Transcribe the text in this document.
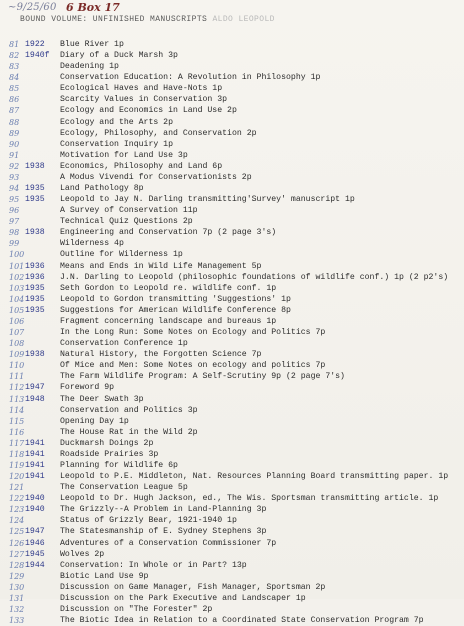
~9/25/60 6 Box 17
BOUND VOLUME: UNFINISHED MANUSCRIPTS ALDO LEOPOLD
81 1922	Blue River 1p
82 1940f	Diary of a Duck Marsh 3p
83	Deadening 1p
84	Conservation Education: A Revolution in Philosophy 1p
85	Ecological Haves and Have-Nots 1p
86	Scarcity Values in Conservation 3p
87	Ecology and Economics in Land Use 2p
88	Ecology and the Arts 2p
89	Ecology, Philosophy, and Conservation 2p
90	Conservation Inquiry 1p
91	Motivation for Land Use 3p
92 1938	Economics, Philosophy and Land 6p
93	A Modus Vivendi for Conservationists 2p
94 1935	Land Pathology 8p
95 1935	Leopold to Jay N. Darling transmitting'Survey' manuscript 1p
96	A Survey of Conservation 11p
97	Technical Quiz Questions 2p
98 1938	Engineering and Conservation 7p (2 page 3's)
99	Wilderness 4p
100	Outline for Wilderness 1p
101 1936	Means and Ends in Wild Life Management 5p
102 1936	J.N. Darling to Leopold (philosophic foundations of wildlife conf.) 1p (2 p2's)
103 1935	Seth Gordon to Leopold re. wildlife conf. 1p
104 1935	Leopold to Gordon transmitting 'Suggestions' 1p
105 1935	Suggestions for American Wildlife Conference 8p
106	Fragment concerning landscape and bureaus 1p
107	In the Long Run: Some Notes on Ecology and Politics 7p
108	Conservation Conference 1p
109 1938	Natural History, the Forgotten Science 7p
110	Of Mice and Men: Some Notes on ecology and politics 7p
111	The Farm Wildlife Program: A Self-Scrutiny 9p (2 page 7's)
112 1947	Foreword 9p
113 1948	The Deer Swath 3p
114	Conservation and Politics 3p
115	Opening Day 1p
116	The House Rat in the Wild 2p
117 1941	Duckmarsh Doings 2p
118 1941	Roadside Prairies 3p
119 1941	Planning for Wildlife 6p
120 1941	Leopold to P.E. Middleton, Nat. Resources Planning Board transmitting paper. 1p
121	The Conservation League 5p
122 1940	Leopold to Dr. Hugh Jackson, ed., The Wis. Sportsman transmitting article. 1p
123 1940	The Grizzly--A Problem in Land-Planning 3p
124	Status of Grizzly Bear, 1921-1940 1p
125 1947	The Statesmanship of E. Sydney Stephens 3p
126 1946	Adventures of a Conservation Commissioner 7p
127 1945	Wolves 2p
128 1944	Conservation: In Whole or in Part? 13p
129	Biotic Land Use 9p
130	Discussion on Game Manager, Fish Manager, Sportsman 2p
131	Discussion on the Park Executive and Landscaper 1p
132	Discussion on "The Forester" 2p
133	The Biotic Idea in Relation to a Coordinated State Conservation Program 7p
